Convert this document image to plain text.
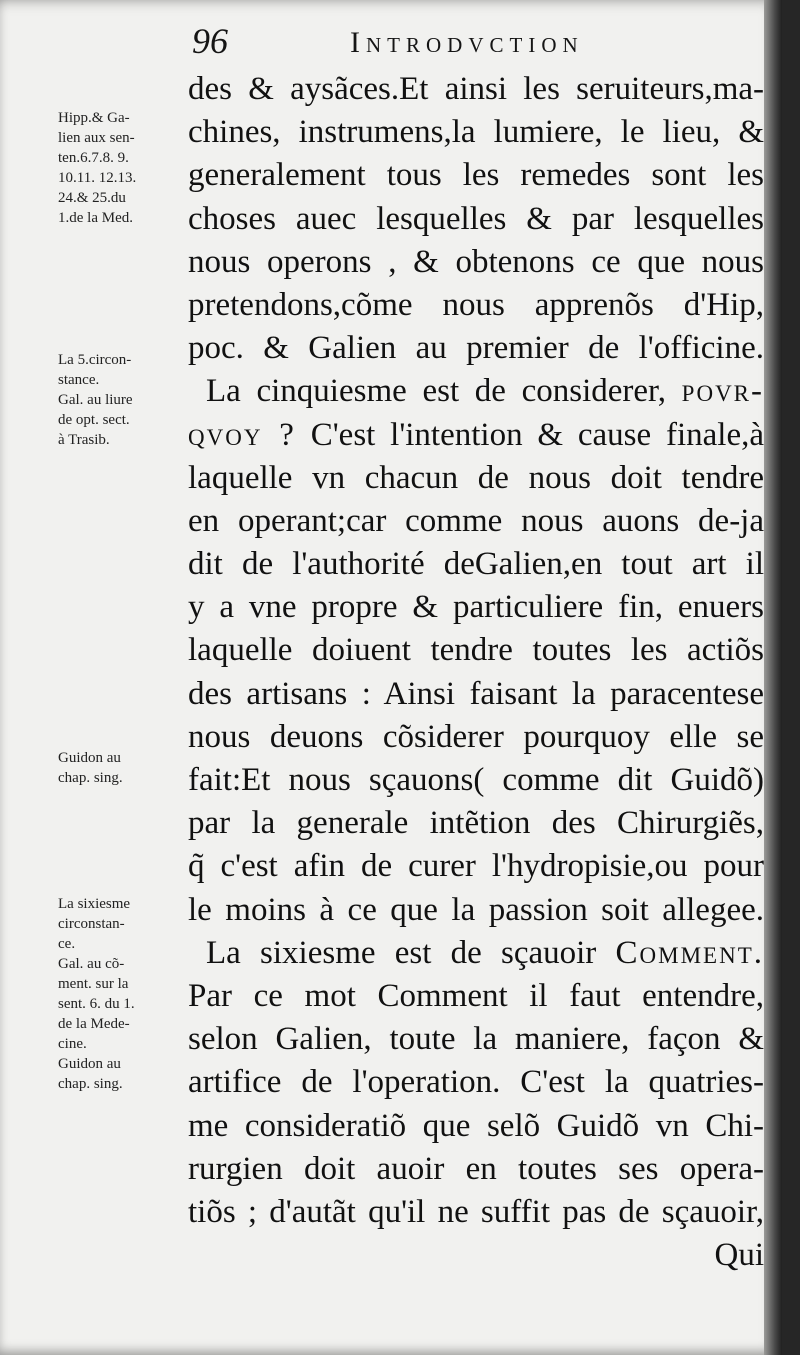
96	Introdvction
des & aysãces.Et ainsi les seruiteurs,ma-
chines, instrumens,la lumiere, le lieu, &
generalement tous les remedes sont les
choses auec lesquelles & par lesquelles
nous operons , & obtenons ce que nous
pretendons,cõme nous apprenõs d'Hip,
poc. & Galien au premier de l'officine.
La cinquiesme est de considerer, povr-
qvoy ? C'est l'intention & cause finale,à
laquelle vn chacun de nous doit tendre
en operant;car comme nous auons de-ja
dit de l'authorité deGalien,en tout art il
y a vne propre & particuliere fin, enuers
laquelle doiuent tendre toutes les actiõs
des artisans : Ainsi faisant la paracentese
nous deuons cõsiderer pourquoy elle se
fait:Et nous sçauons( comme dit Guidõ)
par la generale intẽtion des Chirurgiẽs,
q̃ c'est afin de curer l'hydropisie,ou pour
le moins à ce que la passion soit allegee.
La sixiesme est de sçauoir Comment.
Par ce mot Comment il faut entendre,
selon Galien, toute la maniere, façon &
artifice de l'operation. C'est la quatries-
me consideratiõ que selõ Guidõ vn Chi-
rurgien doit auoir en toutes ses opera-
tiõs ; d'autãt qu'il ne suffit pas de sçauoir,
Qui
Hipp.& Ga-
lien aux sen-
ten.6.7.8. 9.
10.11. 12.13.
24.& 25.du
1.de la Med.
La 5.circon-
stance.
Gal. au liure
de opt. sect.
à Trasib.
Guidon au
chap. sing.
La sixiesme
circonstan-
ce.
Gal. au cõ-
ment. sur la
sent. 6. du 1.
de la Mede-
cine.
Guidon au
chap. sing.
